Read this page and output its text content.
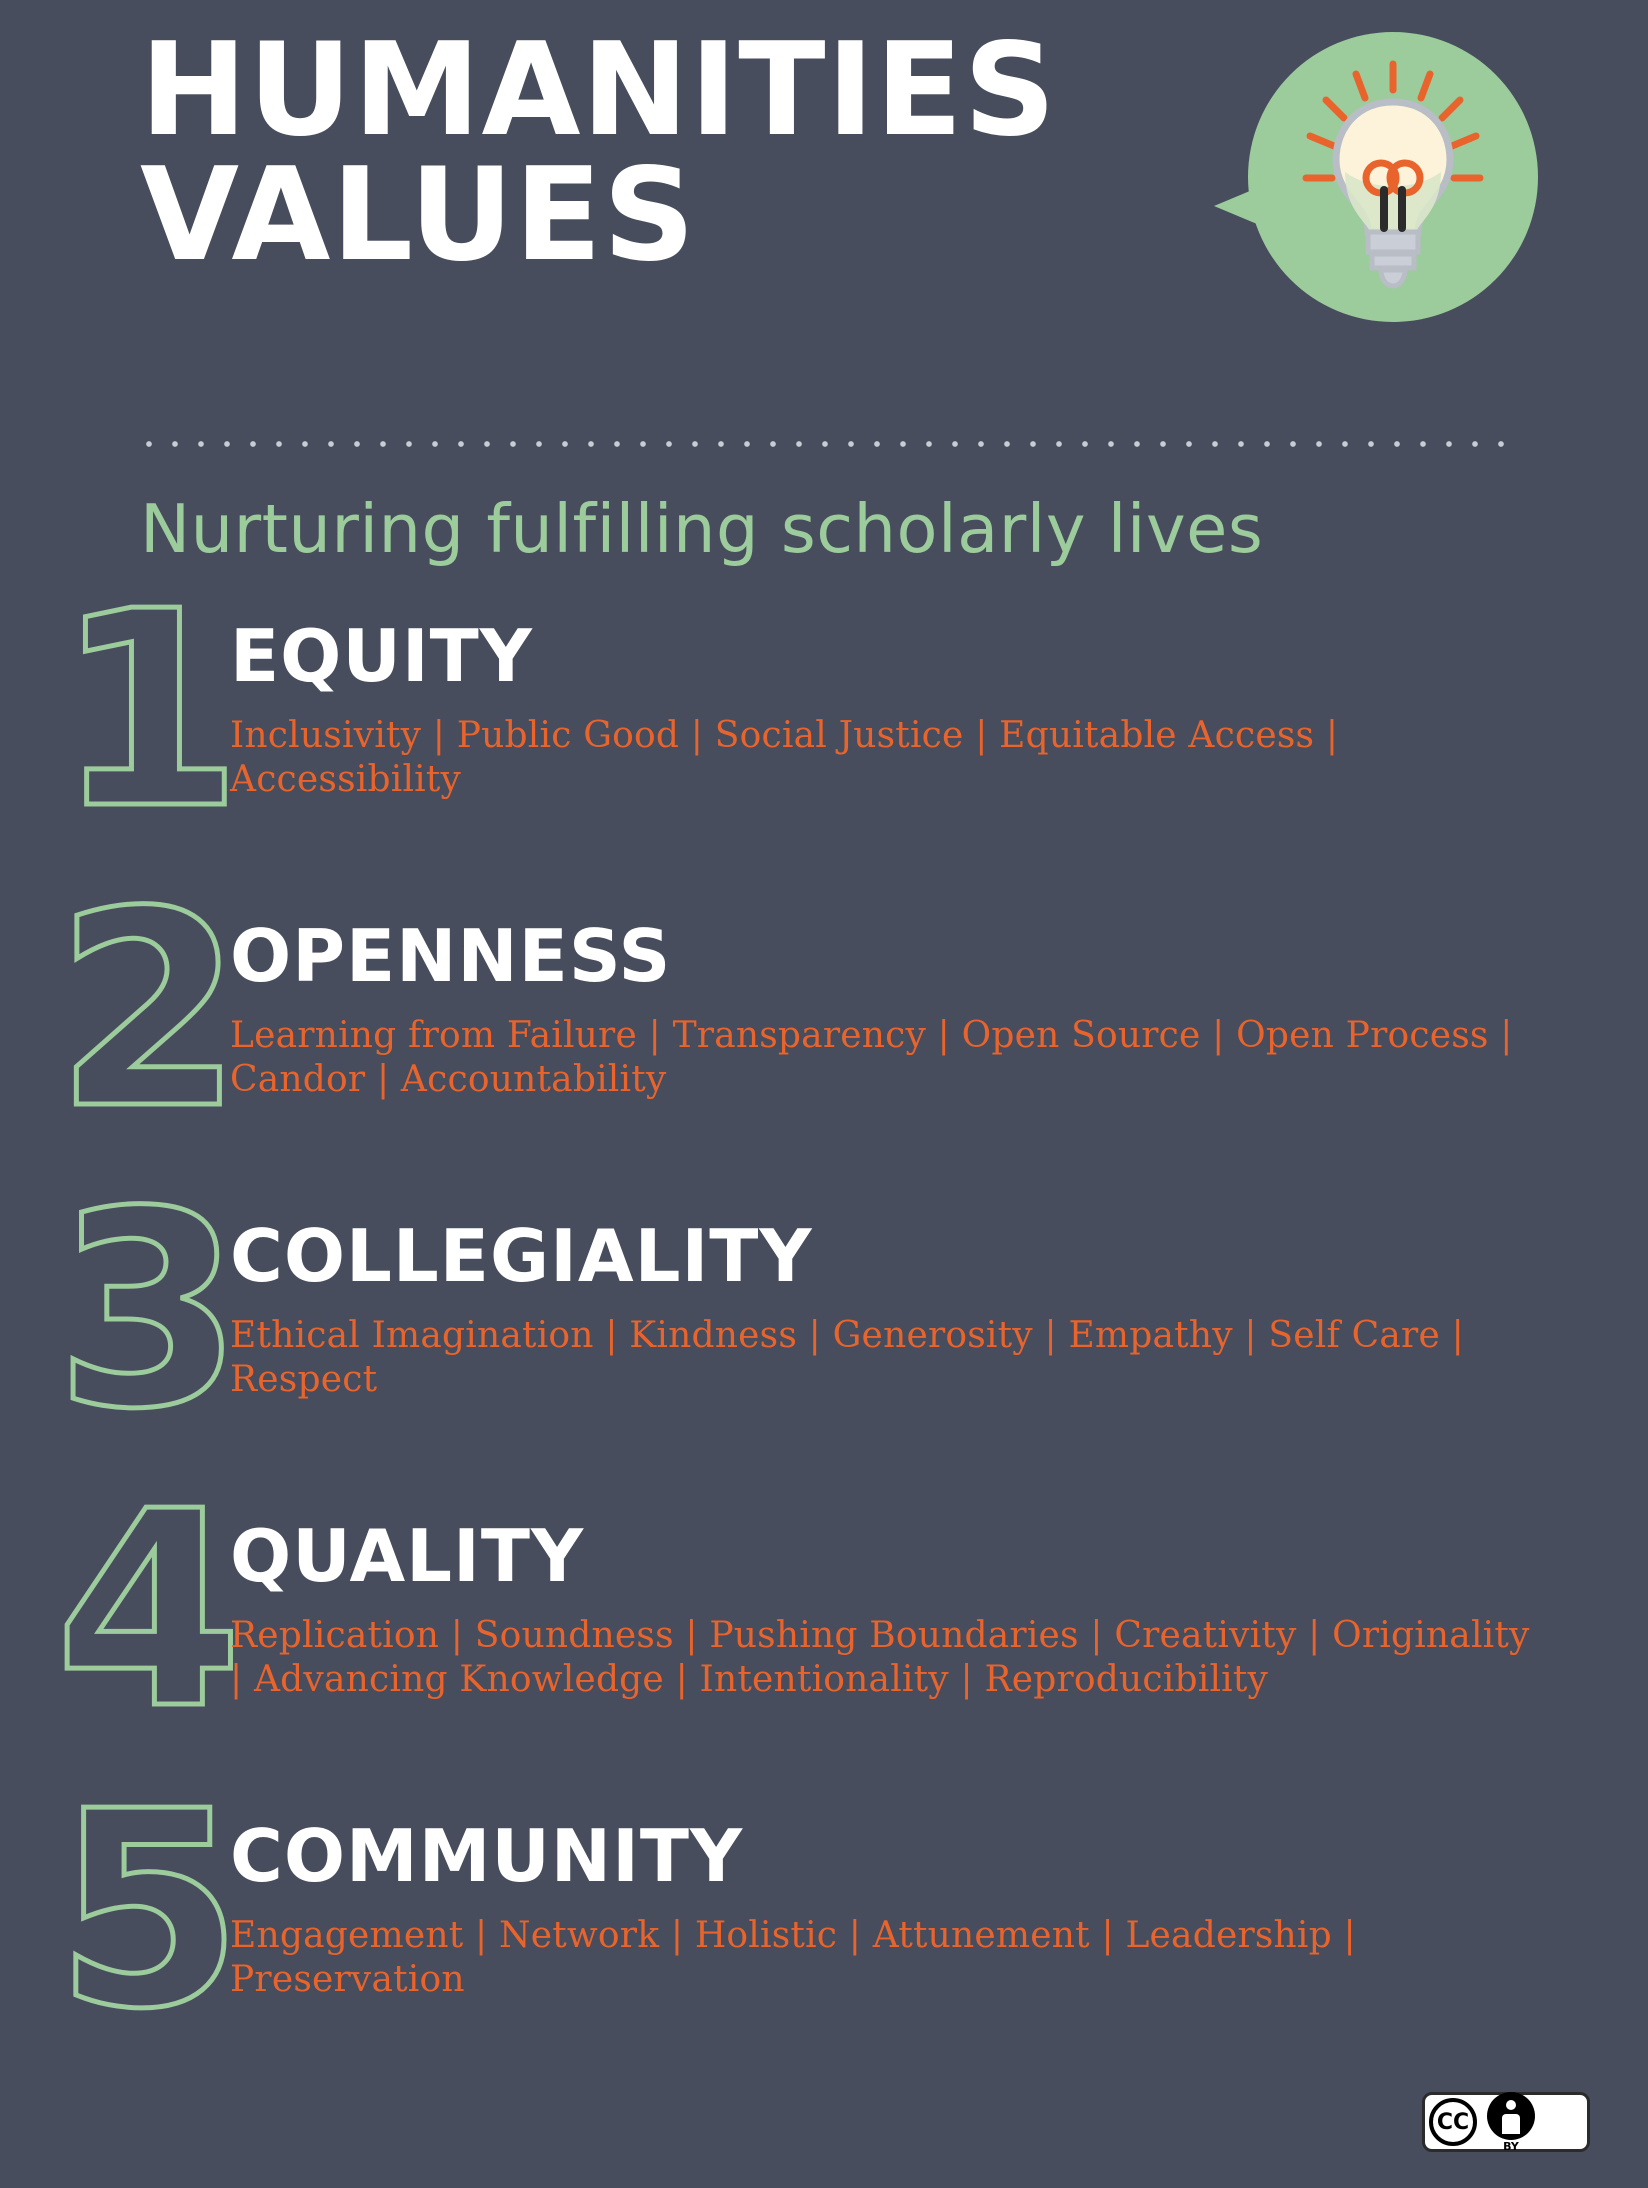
HUMANITIES
VALUES
Nurturing fulfilling scholarly lives
1
EQUITY
Inclusivity | Public Good | Social Justice | Equitable Access | Accessibility
2
OPENNESS
Learning from Failure | Transparency | Open Source | Open Process | Candor | Accountability
3
COLLEGIALITY
Ethical Imagination | Kindness | Generosity | Empathy | Self Care | Respect
4
QUALITY
Replication | Soundness | Pushing Boundaries | Creativity | Originality | Advancing Knowledge | Intentionality | Reproducibility
5
COMMUNITY
Engagement | Network | Holistic | Attunement | Leadership | Preservation
CC
BY
